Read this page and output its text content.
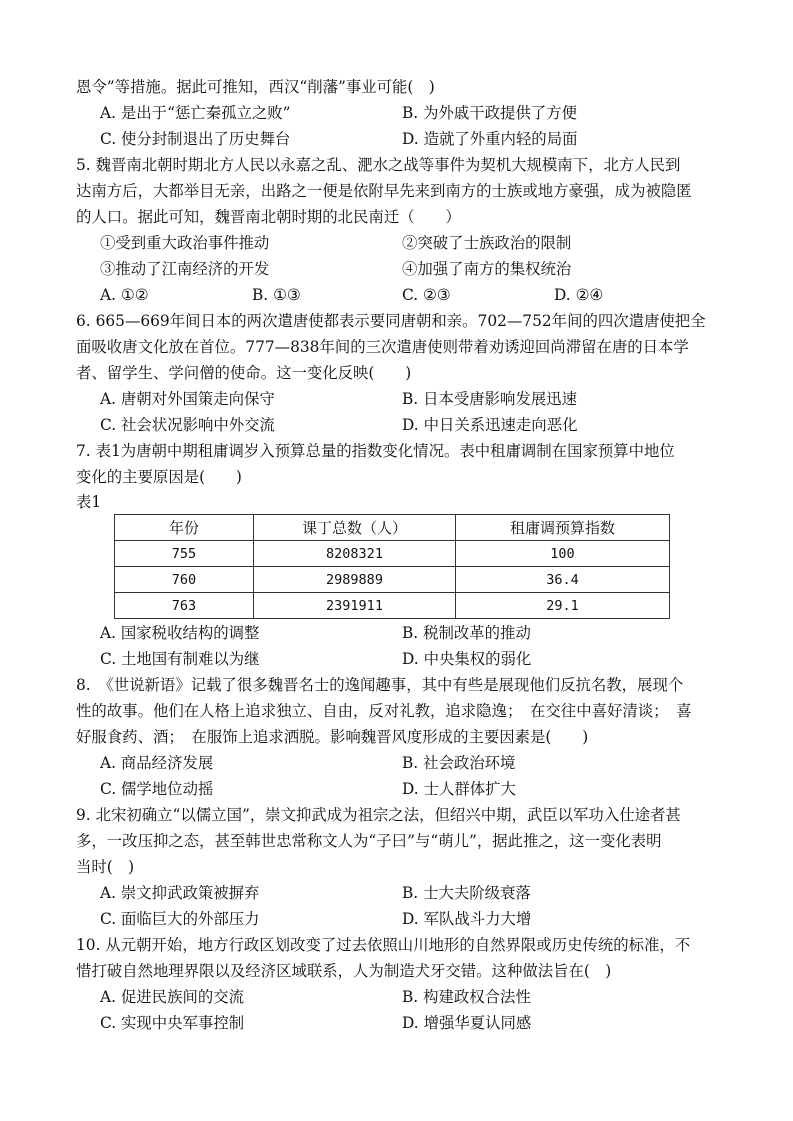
恩令”等措施。据此可推知，西汉“削藩”事业可能(　)
A. 是出于“惩亡秦孤立之败”	B. 为外戚干政提供了方便
C. 使分封制退出了历史舞台	D. 造就了外重内轻的局面
5. 魏晋南北朝时期北方人民以永嘉之乱、淝水之战等事件为契机大规模南下，北方人民到
达南方后，大都举目无亲，出路之一便是依附早先来到南方的士族或地方豪强，成为被隐匿
的人口。据此可知，魏晋南北朝时期的北民南迁（　　）
①受到重大政治事件推动	②突破了士族政治的限制
③推动了江南经济的开发	④加强了南方的集权统治
A. ①②	B. ①③	C. ②③	D. ②④
6. 665—669年间日本的两次遣唐使都表示要同唐朝和亲。702—752年间的四次遣唐使把全
面吸收唐文化放在首位。777—838年间的三次遣唐使则带着劝诱迎回尚滞留在唐的日本学
者、留学生、学问僧的使命。这一变化反映(　　)
A. 唐朝对外国策走向保守	B. 日本受唐影响发展迅速
C. 社会状况影响中外交流	D. 中日关系迅速走向恶化
7. 表1为唐朝中期租庸调岁入预算总量的指数变化情况。表中租庸调制在国家预算中地位
变化的主要原因是(　　)
表1
年份	课丁总数（人）	租庸调预算指数
755	8208321	100
760	2989889	36.4
763	2391911	29.1
A. 国家税收结构的调整	B. 税制改革的推动
C. 土地国有制难以为继	D. 中央集权的弱化
8.　《世说新语》记载了很多魏晋名士的逸闻趣事，其中有些是展现他们反抗名教，展现个
性的故事。他们在人格上追求独立、自由，反对礼教，追求隐逸；　在交往中喜好清谈；　喜
好服食药、酒；　在服饰上追求洒脱。影响魏晋风度形成的主要因素是(　　)
A. 商品经济发展	B. 社会政治环境
C. 儒学地位动摇	D. 士人群体扩大
9. 北宋初确立“以儒立国”，崇文抑武成为祖宗之法，但绍兴中期，武臣以军功入仕途者甚
多，一改压抑之态，甚至韩世忠常称文人为“子曰”与“萌儿”，据此推之，这一变化表明
当时(　)
A. 崇文抑武政策被摒弃	B. 士大夫阶级衰落
C. 面临巨大的外部压力	D. 军队战斗力大增
10. 从元朝开始，地方行政区划改变了过去依照山川地形的自然界限或历史传统的标准，不
惜打破自然地理界限以及经济区域联系，人为制造犬牙交错。这种做法旨在(　)
A. 促进民族间的交流	B. 构建政权合法性
C. 实现中央军事控制	D. 增强华夏认同感
